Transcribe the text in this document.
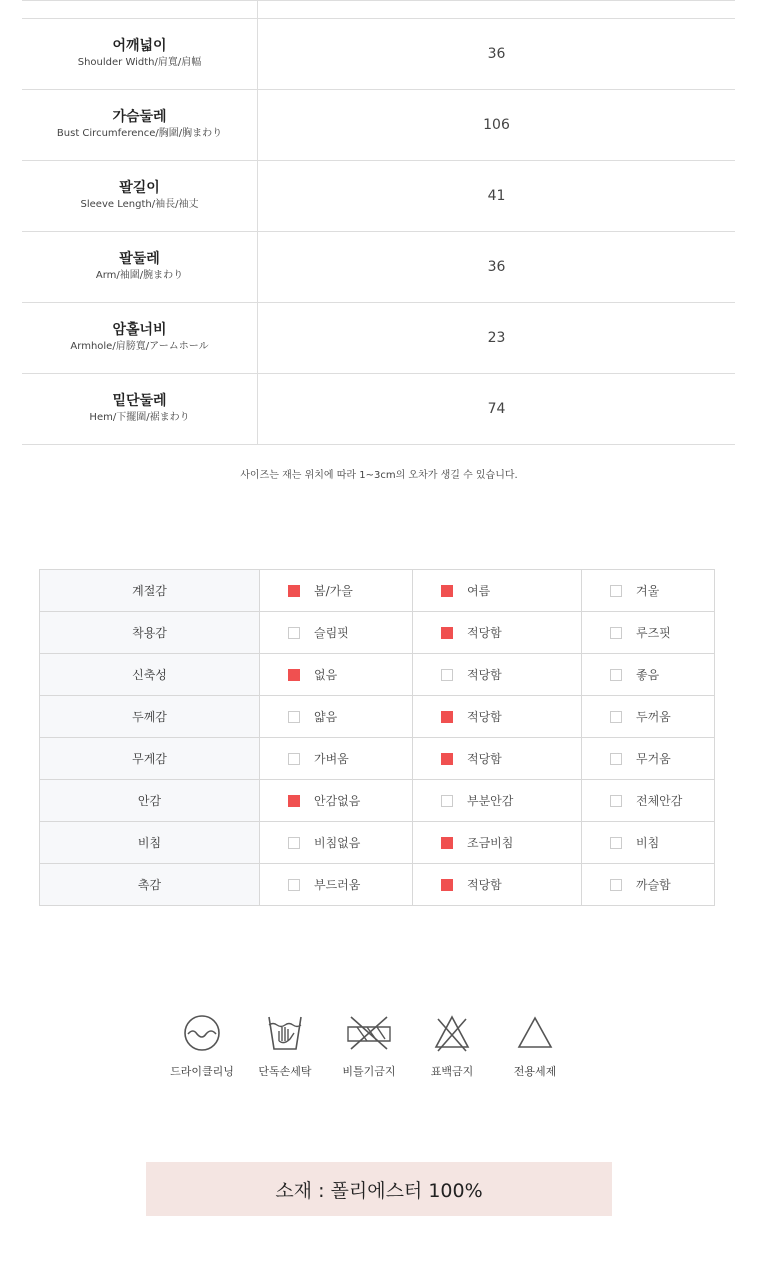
어깨넓이
Shoulder Width/肩寬/肩幅
36
가슴둘레
Bust Circumference/胸圍/胸まわり
106
팔길이
Sleeve Length/袖長/袖丈
41
팔둘레
Arm/袖圍/腕まわり
36
암홀너비
Armhole/肩膀寬/アームホール
23
밑단둘레
Hem/下擺圍/裾まわり
74
사이즈는 재는 위치에 따라 1~3cm의 오차가 생길 수 있습니다.
계절감	봄/가을	여름	겨울
착용감	슬림핏	적당함	루즈핏
신축성	없음	적당함	좋음
두께감	얇음	적당함	두꺼움
무게감	가벼움	적당함	무거움
안감	안감없음	부분안감	전체안감
비침	비침없음	조금비침	비침
촉감	부드러움	적당함	까슬함
드라이클리닝	단독손세탁	비틀기금지	표백금지	전용세제
소재 : 폴리에스터 100%
